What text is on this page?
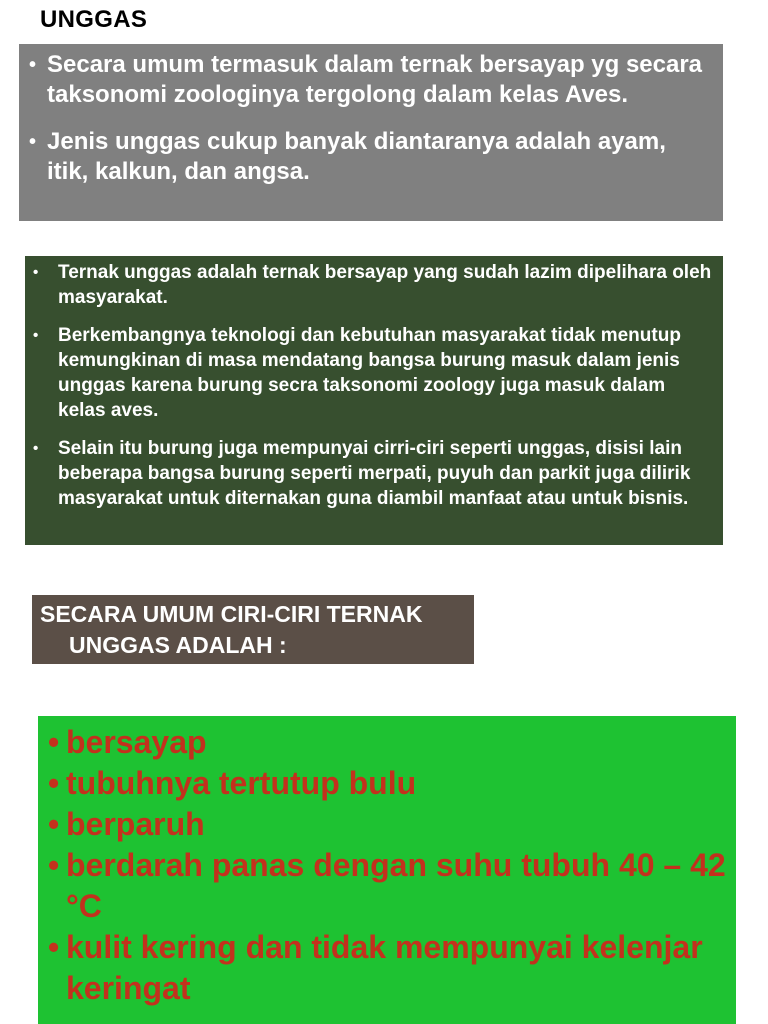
UNGGAS
• Secara umum termasuk dalam ternak bersayap yg secara taksonomi zoologinya tergolong dalam kelas Aves.
• Jenis unggas cukup banyak diantaranya adalah ayam, itik, kalkun, dan angsa.
• Ternak unggas adalah ternak bersayap yang sudah lazim dipelihara oleh masyarakat.
• Berkembangnya teknologi dan kebutuhan masyarakat tidak menutup kemungkinan di masa mendatang bangsa burung masuk dalam jenis unggas karena burung secra taksonomi zoology juga masuk dalam kelas aves.
• Selain itu burung juga mempunyai cirri-ciri seperti unggas, disisi lain beberapa bangsa burung seperti merpati, puyuh dan parkit juga dilirik masyarakat untuk diternakan guna diambil manfaat atau untuk bisnis.
SECARA UMUM CIRI-CIRI TERNAK
UNGGAS ADALAH :
• bersayap
• tubuhnya tertutup bulu
• berparuh
• berdarah panas dengan suhu tubuh 40 – 42 °C
• kulit kering dan tidak mempunyai kelenjar keringat
